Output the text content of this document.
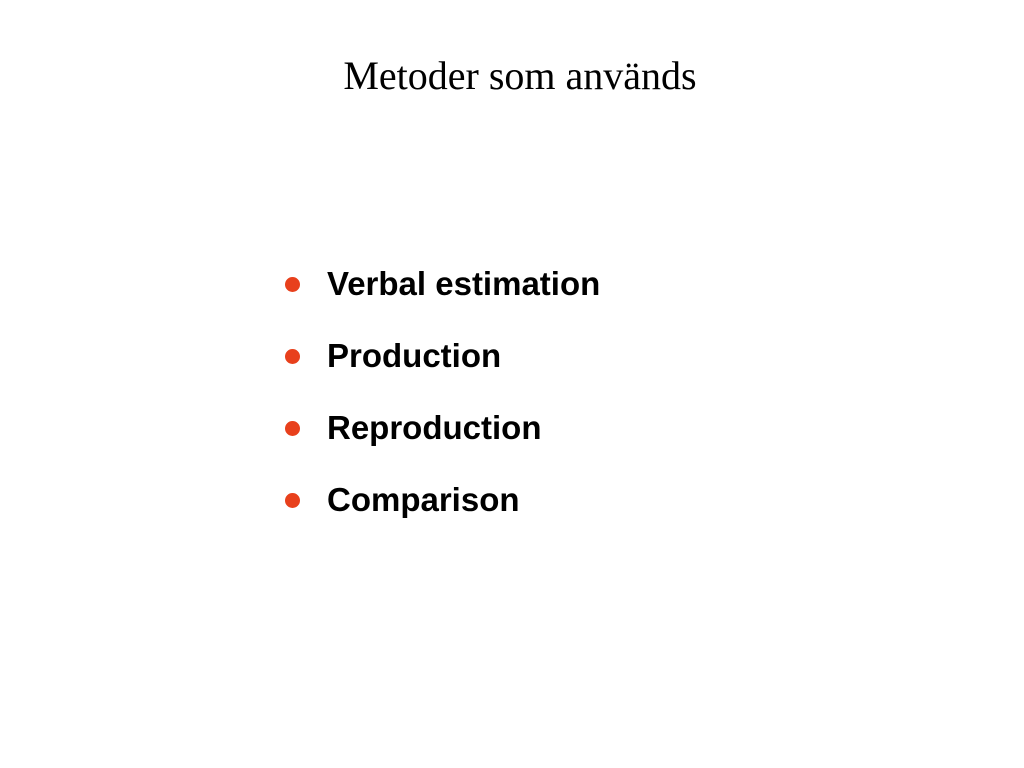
Metoder som används
Verbal estimation
Production
Reproduction
Comparison
